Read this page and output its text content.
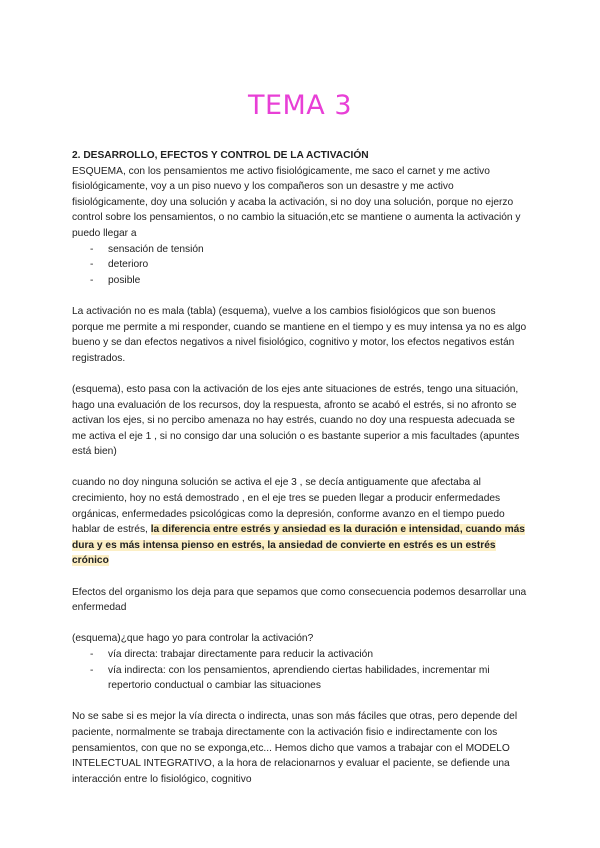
TEMA 3
2. DESARROLLO, EFECTOS Y CONTROL DE LA ACTIVACIÓN
ESQUEMA, con los pensamientos me activo fisiológicamente, me saco el carnet y me activo fisiológicamente, voy a un piso nuevo y los compañeros son un desastre y me activo fisiológicamente, doy una solución y acaba la activación, si no doy una solución, porque no ejerzo control sobre los pensamientos, o no cambio la situación,etc se mantiene o aumenta la activación y puedo llegar a
- sensación de tensión
- deterioro
- posible

La activación no es mala (tabla) (esquema), vuelve a los cambios fisiológicos que son buenos porque me permite a mi responder, cuando se mantiene en el tiempo y es muy intensa ya no es algo bueno y se dan efectos negativos a nivel fisiológico, cognitivo y motor, los efectos negativos están registrados.

(esquema), esto pasa con la activación de los ejes ante situaciones de estrés, tengo una situación, hago una evaluación de los recursos, doy la respuesta, afronto se acabó el estrés, si no afronto se activan los ejes, si no percibo amenaza no hay estrés, cuando no doy una respuesta adecuada se me activa el eje 1 , si no consigo dar una solución o es bastante superior a mis facultades (apuntes está bien)

cuando no doy ninguna solución se activa el eje 3 , se decía antiguamente que afectaba al crecimiento, hoy no está demostrado , en el eje tres se pueden llegar a producir enfermedades orgánicas, enfermedades psicológicas como la depresión, conforme avanzo en el tiempo puedo hablar de estrés, la diferencia entre estrés y ansiedad es la duración e intensidad, cuando más dura y es más intensa pienso en estrés, la ansiedad de convierte en estrés es un estrés crónico

Efectos del organismo los deja para que sepamos que como consecuencia podemos desarrollar una enfermedad

(esquema)¿que hago yo para controlar la activación?
- vía directa: trabajar directamente para reducir la activación
- vía indirecta: con los pensamientos, aprendiendo ciertas habilidades, incrementar mi repertorio conductual o cambiar las situaciones

No se sabe si es mejor la vía directa o indirecta, unas son más fáciles que otras, pero depende del paciente, normalmente se trabaja directamente con la activación fisio e indirectamente con los pensamientos, con que no se exponga,etc... Hemos dicho que vamos a trabajar con el MODELO INTELECTUAL INTEGRATIVO, a la hora de relacionarnos y evaluar el paciente, se defiende una interacción entre lo fisiológico, cognitivo
